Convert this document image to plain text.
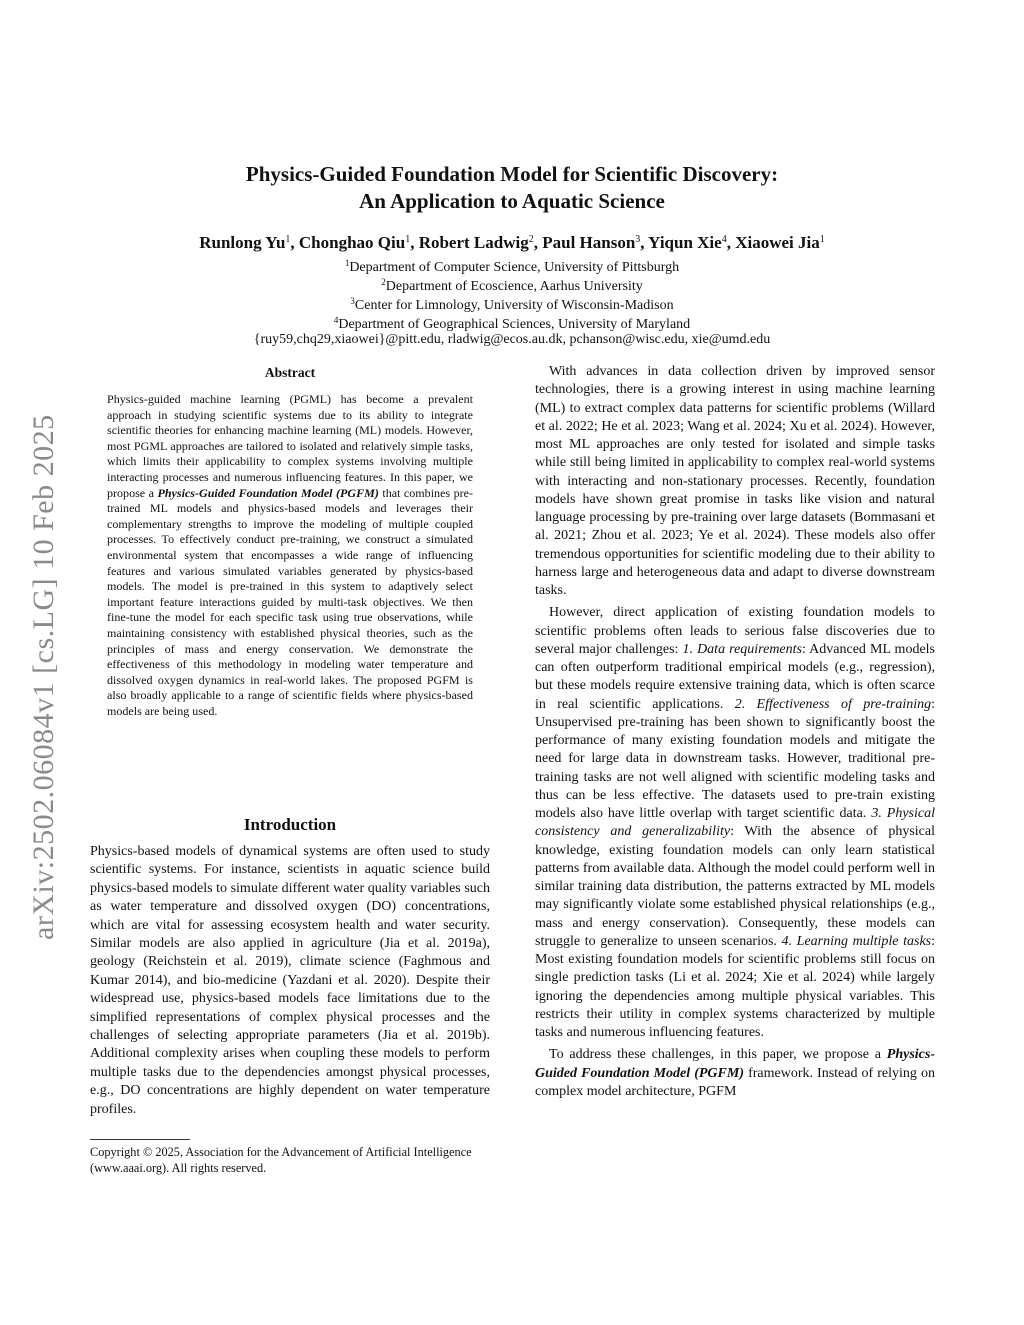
arXiv:2502.06084v1 [cs.LG] 10 Feb 2025
Physics-Guided Foundation Model for Scientific Discovery:
An Application to Aquatic Science
Runlong Yu$^1$, Chonghao Qiu$^1$, Robert Ladwig$^2$, Paul Hanson$^3$, Yiqun Xie$^4$, Xiaowei Jia$^1$
$^1$Department of Computer Science, University of Pittsburgh
$^2$Department of Ecoscience, Aarhus University
$^3$Center for Limnology, University of Wisconsin-Madison
$^4$Department of Geographical Sciences, University of Maryland
{ruy59,chq29,xiaowei}@pitt.edu, rladwig@ecos.au.dk, pchanson@wisc.edu, xie@umd.edu
Abstract
Physics-guided machine learning (PGML) has become a prevalent approach in studying scientific systems due to its ability to integrate scientific theories for enhancing machine learning (ML) models. However, most PGML approaches are tailored to isolated and relatively simple tasks, which limits their applicability to complex systems involving multiple interacting processes and numerous influencing features. In this paper, we propose a Physics-Guided Foundation Model (PGFM) that combines pre-trained ML models and physics-based models and leverages their complementary strengths to improve the modeling of multiple coupled processes. To effectively conduct pre-training, we construct a simulated environmental system that encompasses a wide range of influencing features and various simulated variables generated by physics-based models. The model is pre-trained in this system to adaptively select important feature interactions guided by multi-task objectives. We then fine-tune the model for each specific task using true observations, while maintaining consistency with established physical theories, such as the principles of mass and energy conservation. We demonstrate the effectiveness of this methodology in modeling water temperature and dissolved oxygen dynamics in real-world lakes. The proposed PGFM is also broadly applicable to a range of scientific fields where physics-based models are being used.
Introduction
Physics-based models of dynamical systems are often used to study scientific systems. For instance, scientists in aquatic science build physics-based models to simulate different water quality variables such as water temperature and dissolved oxygen (DO) concentrations, which are vital for assessing ecosystem health and water security. Similar models are also applied in agriculture (Jia et al. 2019a), geology (Reichstein et al. 2019), climate science (Faghmous and Kumar 2014), and bio-medicine (Yazdani et al. 2020). Despite their widespread use, physics-based models face limitations due to the simplified representations of complex physical processes and the challenges of selecting appropriate parameters (Jia et al. 2019b). Additional complexity arises when coupling these models to perform multiple tasks due to the dependencies amongst physical processes, e.g., DO concentrations are highly dependent on water temperature profiles.
Copyright © 2025, Association for the Advancement of Artificial Intelligence (www.aaai.org). All rights reserved.

With advances in data collection driven by improved sensor technologies, there is a growing interest in using machine learning (ML) to extract complex data patterns for scientific problems (Willard et al. 2022; He et al. 2023; Wang et al. 2024; Xu et al. 2024). However, most ML approaches are only tested for isolated and simple tasks while still being limited in applicability to complex real-world systems with interacting and non-stationary processes. Recently, foundation models have shown great promise in tasks like vision and natural language processing by pre-training over large datasets (Bommasani et al. 2021; Zhou et al. 2023; Ye et al. 2024). These models also offer tremendous opportunities for scientific modeling due to their ability to harness large and heterogeneous data and adapt to diverse downstream tasks.

However, direct application of existing foundation models to scientific problems often leads to serious false discoveries due to several major challenges: 1. Data requirements: Advanced ML models can often outperform traditional empirical models (e.g., regression), but these models require extensive training data, which is often scarce in real scientific applications. 2. Effectiveness of pre-training: Unsupervised pre-training has been shown to significantly boost the performance of many existing foundation models and mitigate the need for large data in downstream tasks. However, traditional pre-training tasks are not well aligned with scientific modeling tasks and thus can be less effective. The datasets used to pre-train existing models also have little overlap with target scientific data. 3. Physical consistency and generalizability: With the absence of physical knowledge, existing foundation models can only learn statistical patterns from available data. Although the model could perform well in similar training data distribution, the patterns extracted by ML models may significantly violate some established physical relationships (e.g., mass and energy conservation). Consequently, these models can struggle to generalize to unseen scenarios. 4. Learning multiple tasks: Most existing foundation models for scientific problems still focus on single prediction tasks (Li et al. 2024; Xie et al. 2024) while largely ignoring the dependencies among multiple physical variables. This restricts their utility in complex systems characterized by multiple tasks and numerous influencing features.

To address these challenges, in this paper, we propose a Physics-Guided Foundation Model (PGFM) framework. Instead of relying on complex model architecture, PGFM
